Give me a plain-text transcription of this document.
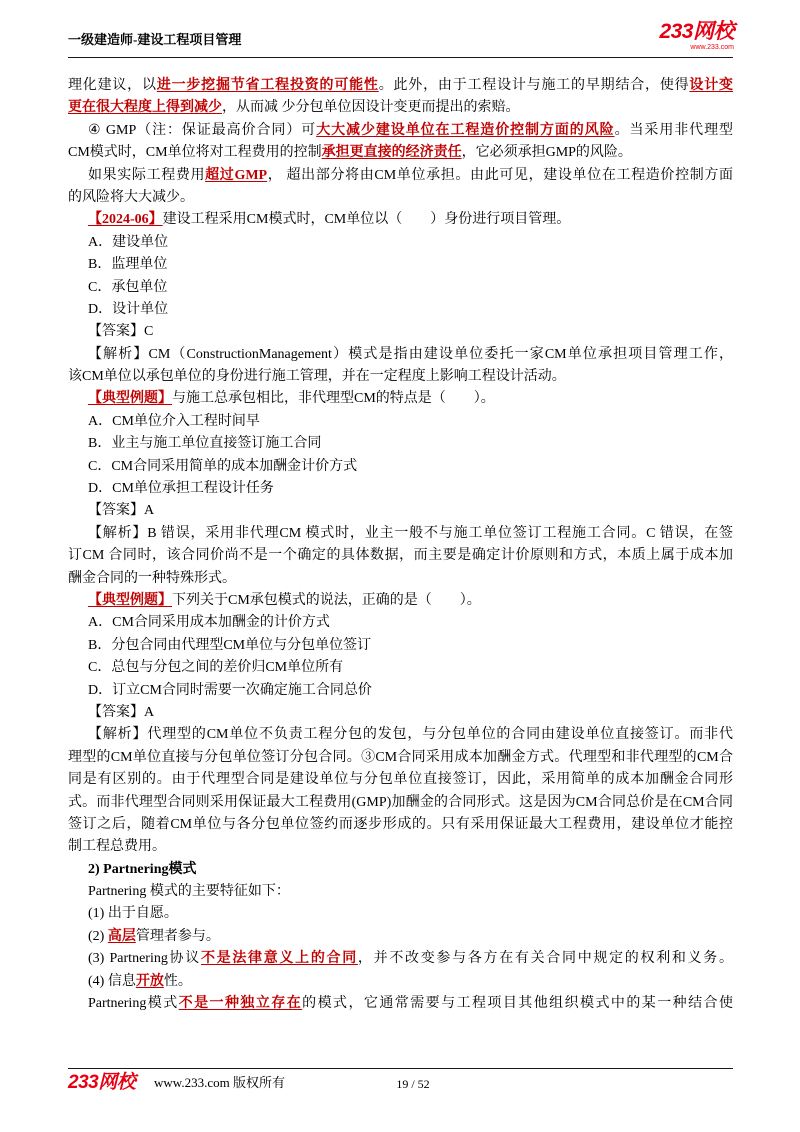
一级建造师-建设工程项目管理	233网校
www.233.com
理化建议，以进一步挖掘节省工程投资的可能性。此外，由于工程设计与施工的早期结合，使得设计变
更在很大程度上得到减少，从而减 少分包单位因设计变更而提出的索赔。
④ GMP（注：保证最高价合同）可大大减少建设单位在工程造价控制方面的风险。当采用非代理型
CM模式时，CM单位将对工程费用的控制承担更直接的经济责任，它必须承担GMP的风险。
如果实际工程费用超过GMP， 超出部分将由CM单位承担。由此可见，建设单位在工程造价控制方面
的风险将大大减少。
【2024-06】建设工程采用CM模式时，CM单位以（　　）身份进行项目管理。
A．建设单位
B．监理单位
C．承包单位
D．设计单位
【答案】C
【解析】CM（ConstructionManagement）模式是指由建设单位委托一家CM单位承担项目管理工作，
该CM单位以承包单位的身份进行施工管理，并在一定程度上影响工程设计活动。
【典型例题】与施工总承包相比，非代理型CM的特点是（　　）。
A．CM单位介入工程时间早
B．业主与施工单位直接签订施工合同
C．CM合同采用简单的成本加酬金计价方式
D．CM单位承担工程设计任务
【答案】A
【解析】B 错误，采用非代理CM 模式时，业主一般不与施工单位签订工程施工合同。C 错误，在签
订CM 合同时，该合同价尚不是一个确定的具体数据，而主要是确定计价原则和方式，本质上属于成本加
酬金合同的一种特殊形式。
【典型例题】下列关于CM承包模式的说法，正确的是（　　）。
A．CM合同采用成本加酬金的计价方式
B．分包合同由代理型CM单位与分包单位签订
C．总包与分包之间的差价归CM单位所有
D．订立CM合同时需要一次确定施工合同总价
【答案】A
【解析】代理型的CM单位不负责工程分包的发包，与分包单位的合同由建设单位直接签订。而非代
理型的CM单位直接与分包单位签订分包合同。③CM合同采用成本加酬金方式。代理型和非代理型的CM合
同是有区别的。由于代理型合同是建设单位与分包单位直接签订，因此，采用简单的成本加酬金合同形
式。而非代理型合同则采用保证最大工程费用(GMP)加酬金的合同形式。这是因为CM合同总价是在CM合同
签订之后，随着CM单位与各分包单位签约而逐步形成的。只有采用保证最大工程费用，建设单位才能控
制工程总费用。
2) Partnering模式
Partnering 模式的主要特征如下：
(1) 出于自愿。
(2) 高层管理者参与。
(3) Partnering协议不是法律意义上的合同，并不改变参与各方在有关合同中规定的权利和义务。
(4) 信息开放性。
Partnering模式不是一种独立存在的模式，它通常需要与工程项目其他组织模式中的某一种结合使
233网校 www.233.com 版权所有	19 / 52
